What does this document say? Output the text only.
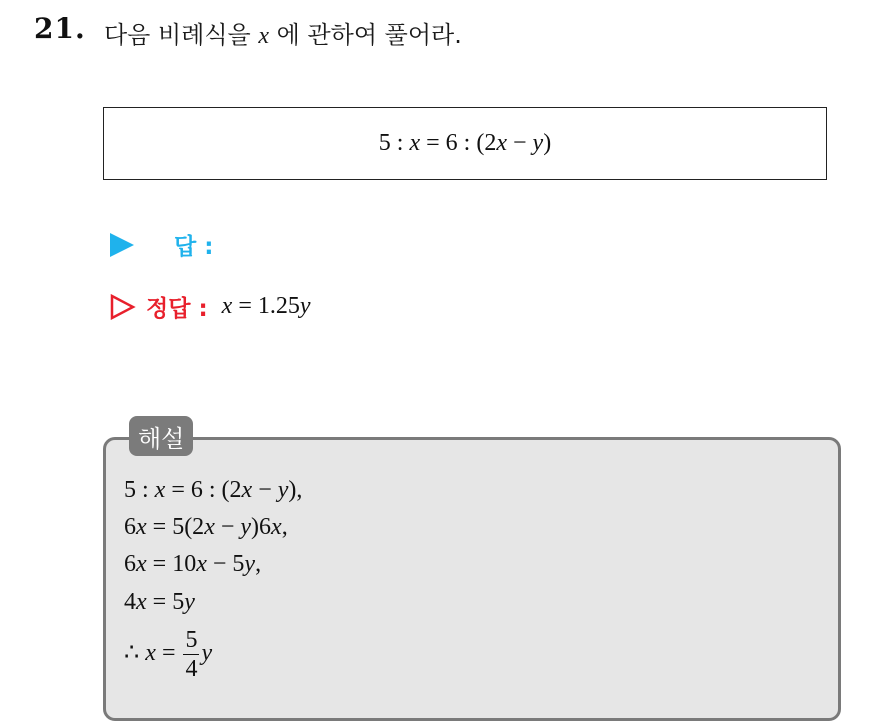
21. 다음 비례식을 x 에 관하여 풀어라.
5 : x = 6 : (2x − y)
답 :
정답 : x = 1.25y
해설
5 : x = 6 : (2x − y),
6x = 5(2x − y)6x,
6x = 10x − 5y,
4x = 5y
∴ $x = \frac{5}{4}$ y
